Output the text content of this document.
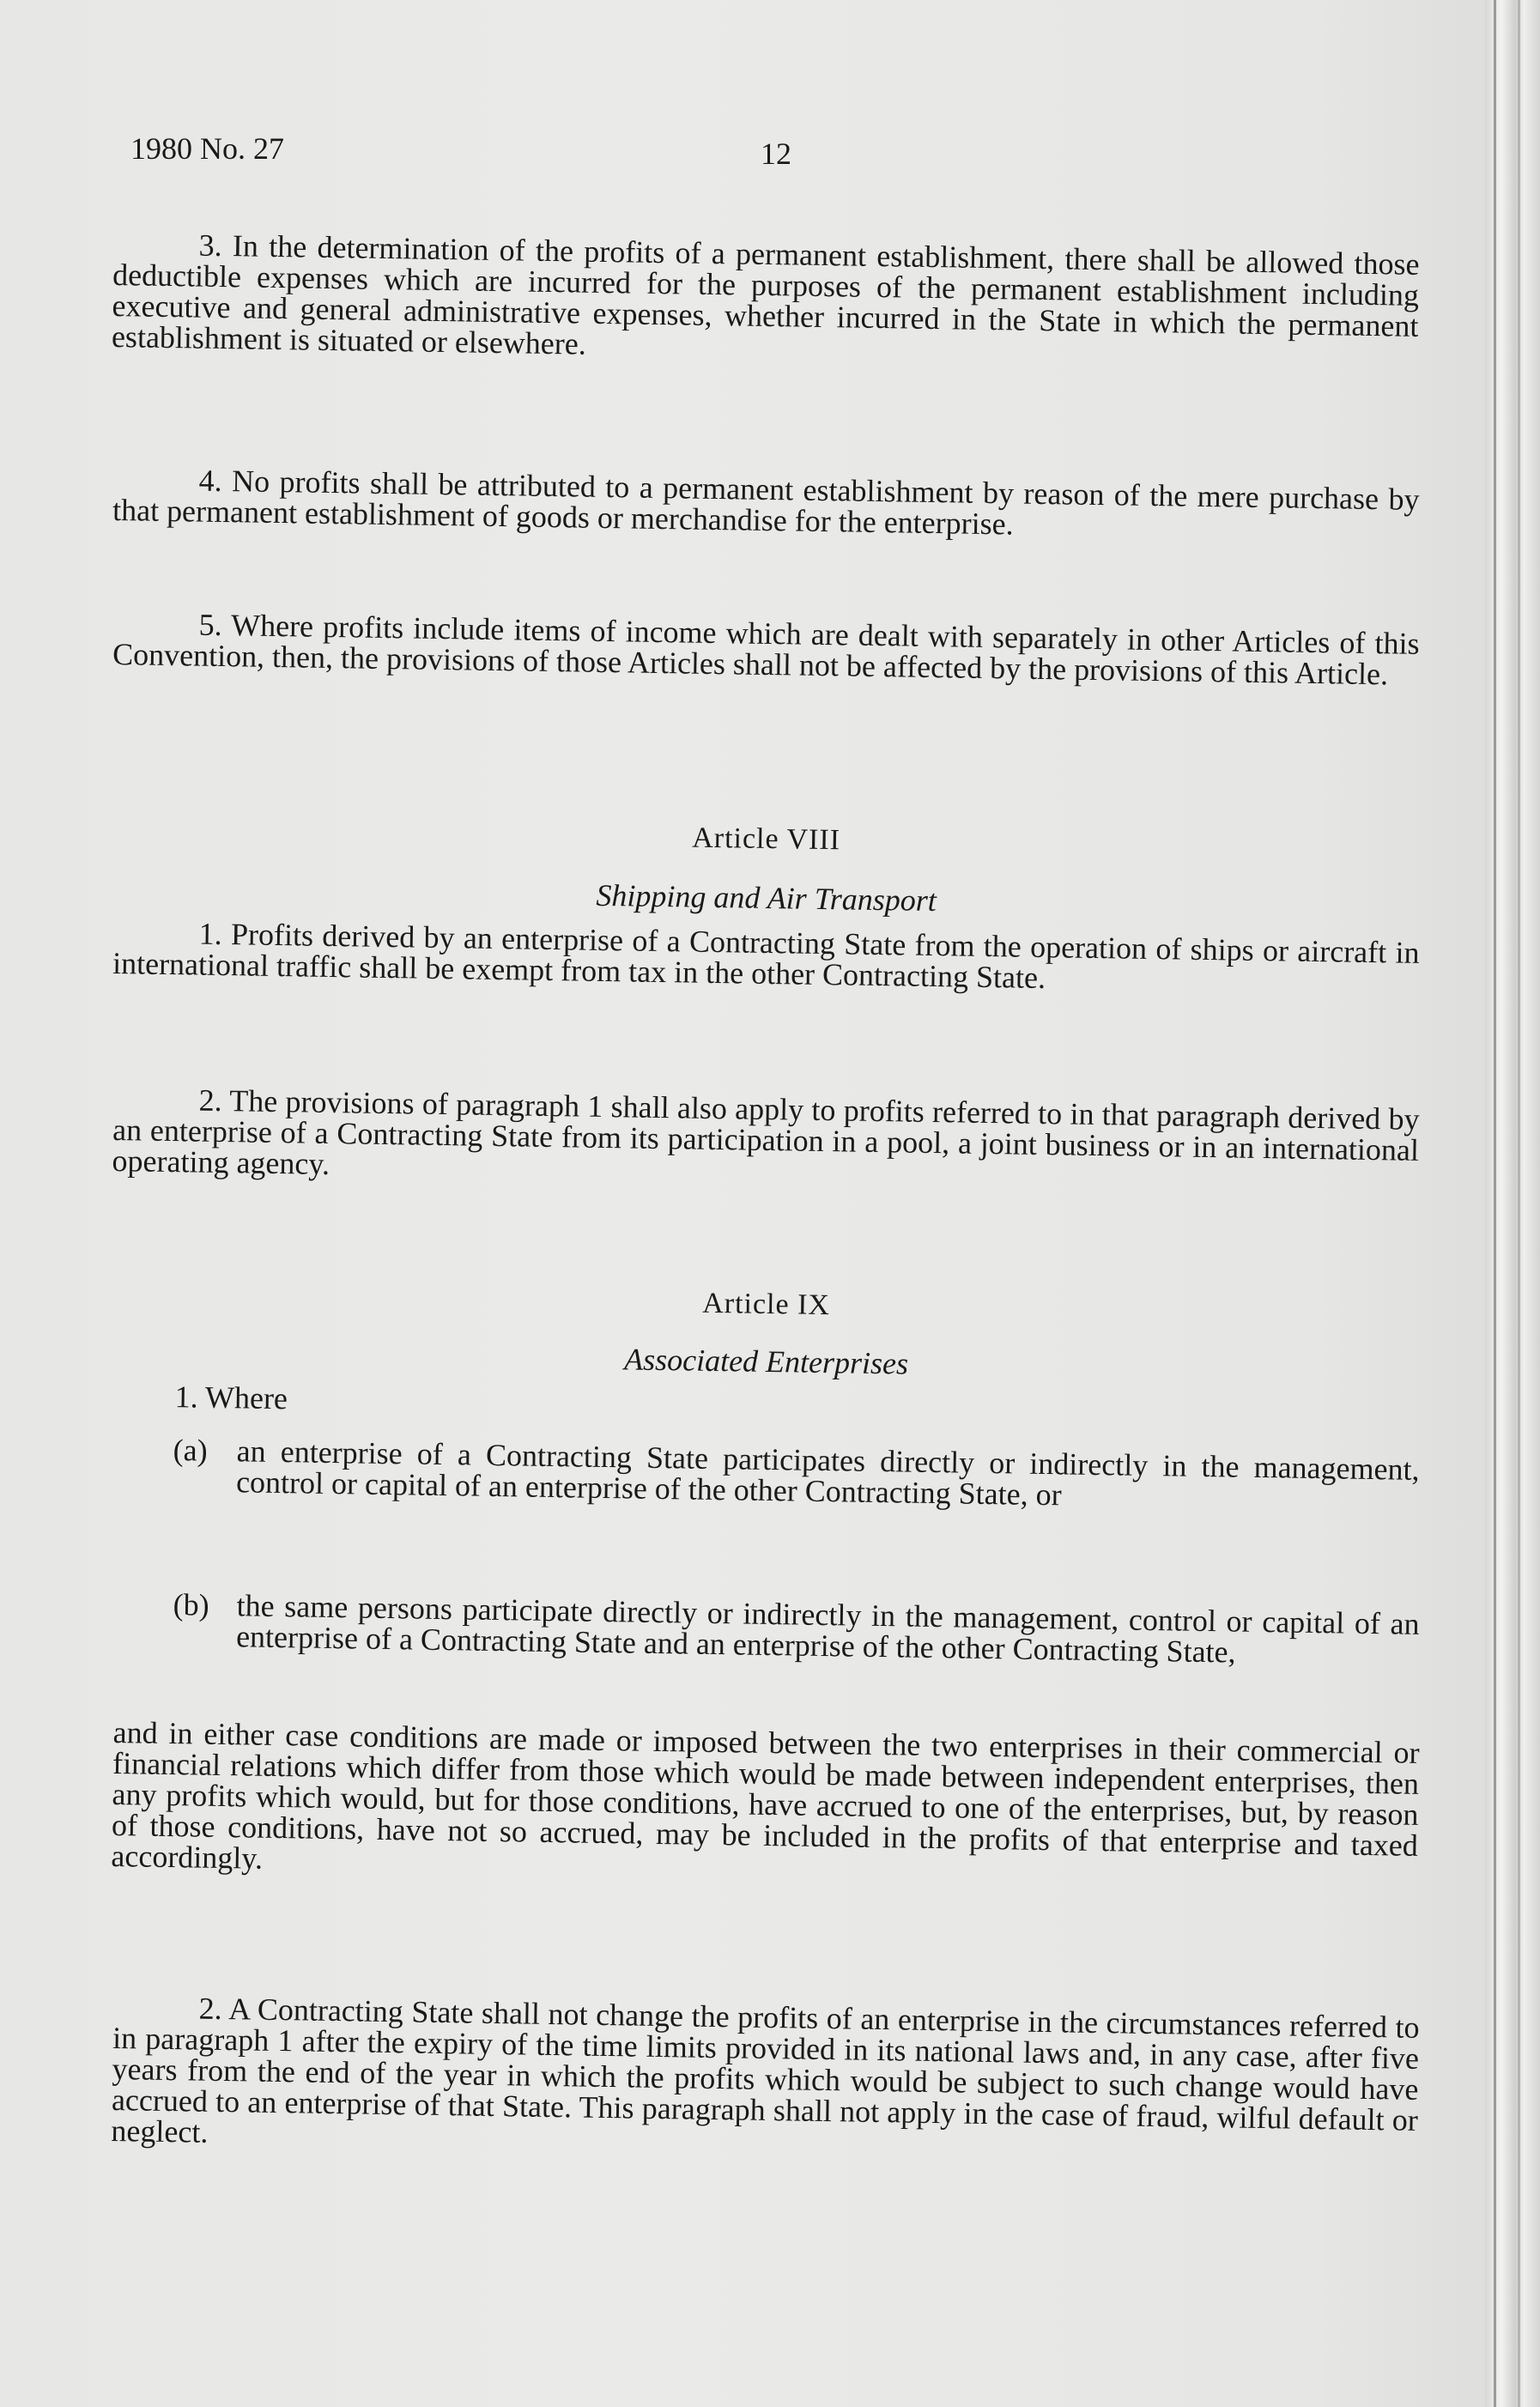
1980 No. 27	12

3. In the determination of the profits of a permanent establishment, there shall be allowed those deductible expenses which are incurred for the purposes of the permanent establishment including executive and general administrative expenses, whether incurred in the State in which the permanent establishment is situated or elsewhere.

4. No profits shall be attributed to a permanent establishment by reason of the mere purchase by that permanent establishment of goods or merchandise for the enterprise.

5. Where profits include items of income which are dealt with separately in other Articles of this Convention, then, the provisions of those Articles shall not be affected by the provisions of this Article.

Article VIII

Shipping and Air Transport

1. Profits derived by an enterprise of a Contracting State from the operation of ships or aircraft in international traffic shall be exempt from tax in the other Contracting State.

2. The provisions of paragraph 1 shall also apply to profits referred to in that paragraph derived by an enterprise of a Contracting State from its participation in a pool, a joint business or in an international operating agency.

Article IX

Associated Enterprises

1. Where

(a) an enterprise of a Contracting State participates directly or indirectly in the management, control or capital of an enterprise of the other Contracting State, or

(b) the same persons participate directly or indirectly in the management, control or capital of an enterprise of a Contracting State and an enterprise of the other Contracting State,

and in either case conditions are made or imposed between the two enterprises in their commercial or financial relations which differ from those which would be made between independent enterprises, then any profits which would, but for those conditions, have accrued to one of the enterprises, but, by reason of those conditions, have not so accrued, may be included in the profits of that enterprise and taxed accordingly.

2. A Contracting State shall not change the profits of an enterprise in the circumstances referred to in paragraph 1 after the expiry of the time limits provided in its national laws and, in any case, after five years from the end of the year in which the profits which would be subject to such change would have accrued to an enterprise of that State. This paragraph shall not apply in the case of fraud, wilful default or neglect.
